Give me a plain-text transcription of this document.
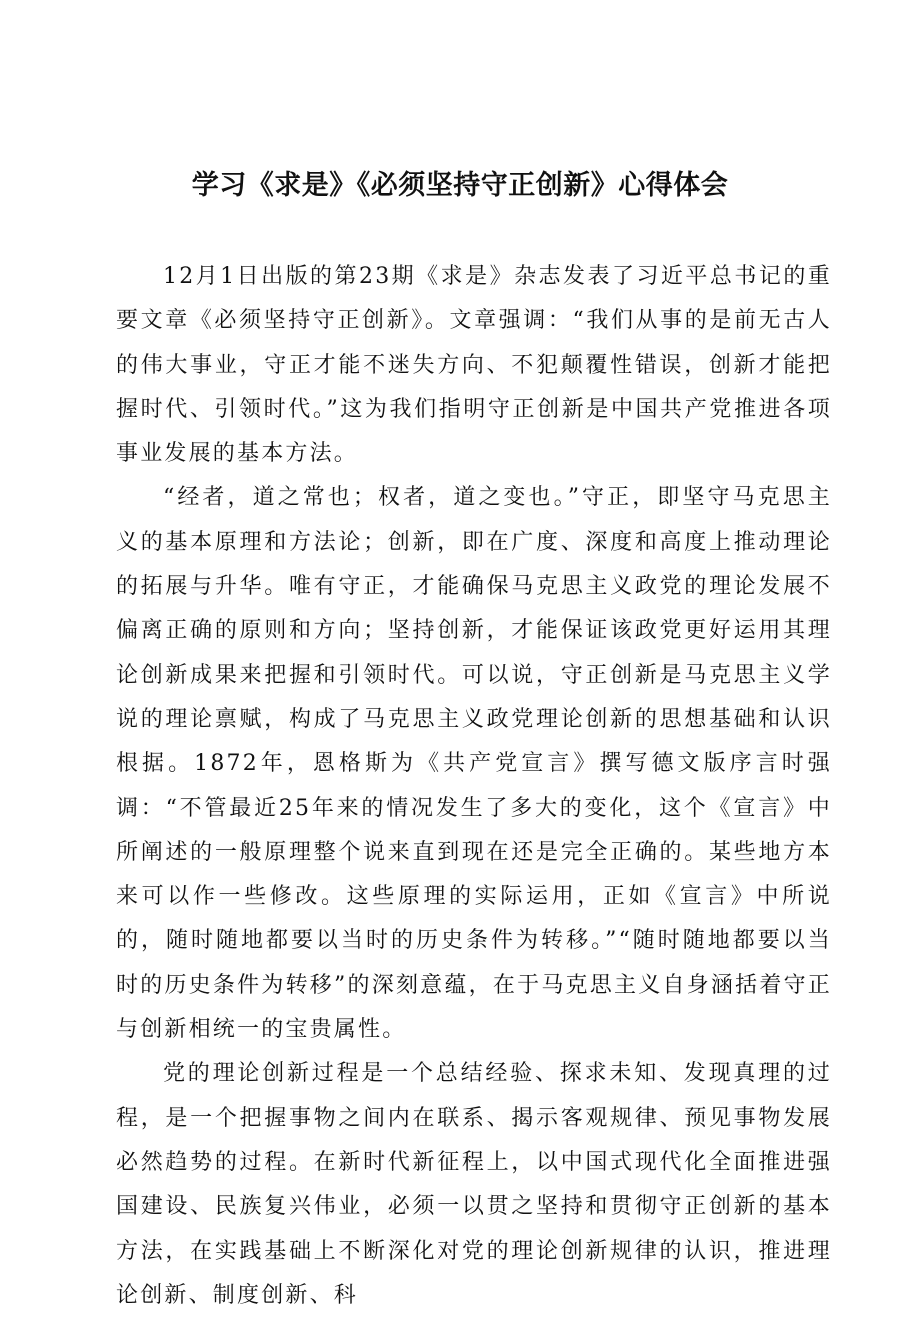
学习《求是》《必须坚持守正创新》心得体会

12月1日出版的第23期《求是》杂志发表了习近平总书记的重要文章《必须坚持守正创新》。文章强调：“我们从事的是前无古人的伟大事业，守正才能不迷失方向、不犯颠覆性错误，创新才能把握时代、引领时代。”这为我们指明守正创新是中国共产党推进各项事业发展的基本方法。

“经者，道之常也；权者，道之变也。”守正，即坚守马克思主义的基本原理和方法论；创新，即在广度、深度和高度上推动理论的拓展与升华。唯有守正，才能确保马克思主义政党的理论发展不偏离正确的原则和方向；坚持创新，才能保证该政党更好运用其理论创新成果来把握和引领时代。可以说，守正创新是马克思主义学说的理论禀赋，构成了马克思主义政党理论创新的思想基础和认识根据。1872年，恩格斯为《共产党宣言》撰写德文版序言时强调：“不管最近25年来的情况发生了多大的变化，这个《宣言》中所阐述的一般原理整个说来直到现在还是完全正确的。某些地方本来可以作一些修改。这些原理的实际运用，正如《宣言》中所说的，随时随地都要以当时的历史条件为转移。”“随时随地都要以当时的历史条件为转移”的深刻意蕴，在于马克思主义自身涵括着守正与创新相统一的宝贵属性。

党的理论创新过程是一个总结经验、探求未知、发现真理的过程，是一个把握事物之间内在联系、揭示客观规律、预见事物发展必然趋势的过程。在新时代新征程上，以中国式现代化全面推进强国建设、民族复兴伟业，必须一以贯之坚持和贯彻守正创新的基本方法，在实践基础上不断深化对党的理论创新规律的认识，推进理论创新、制度创新、科
